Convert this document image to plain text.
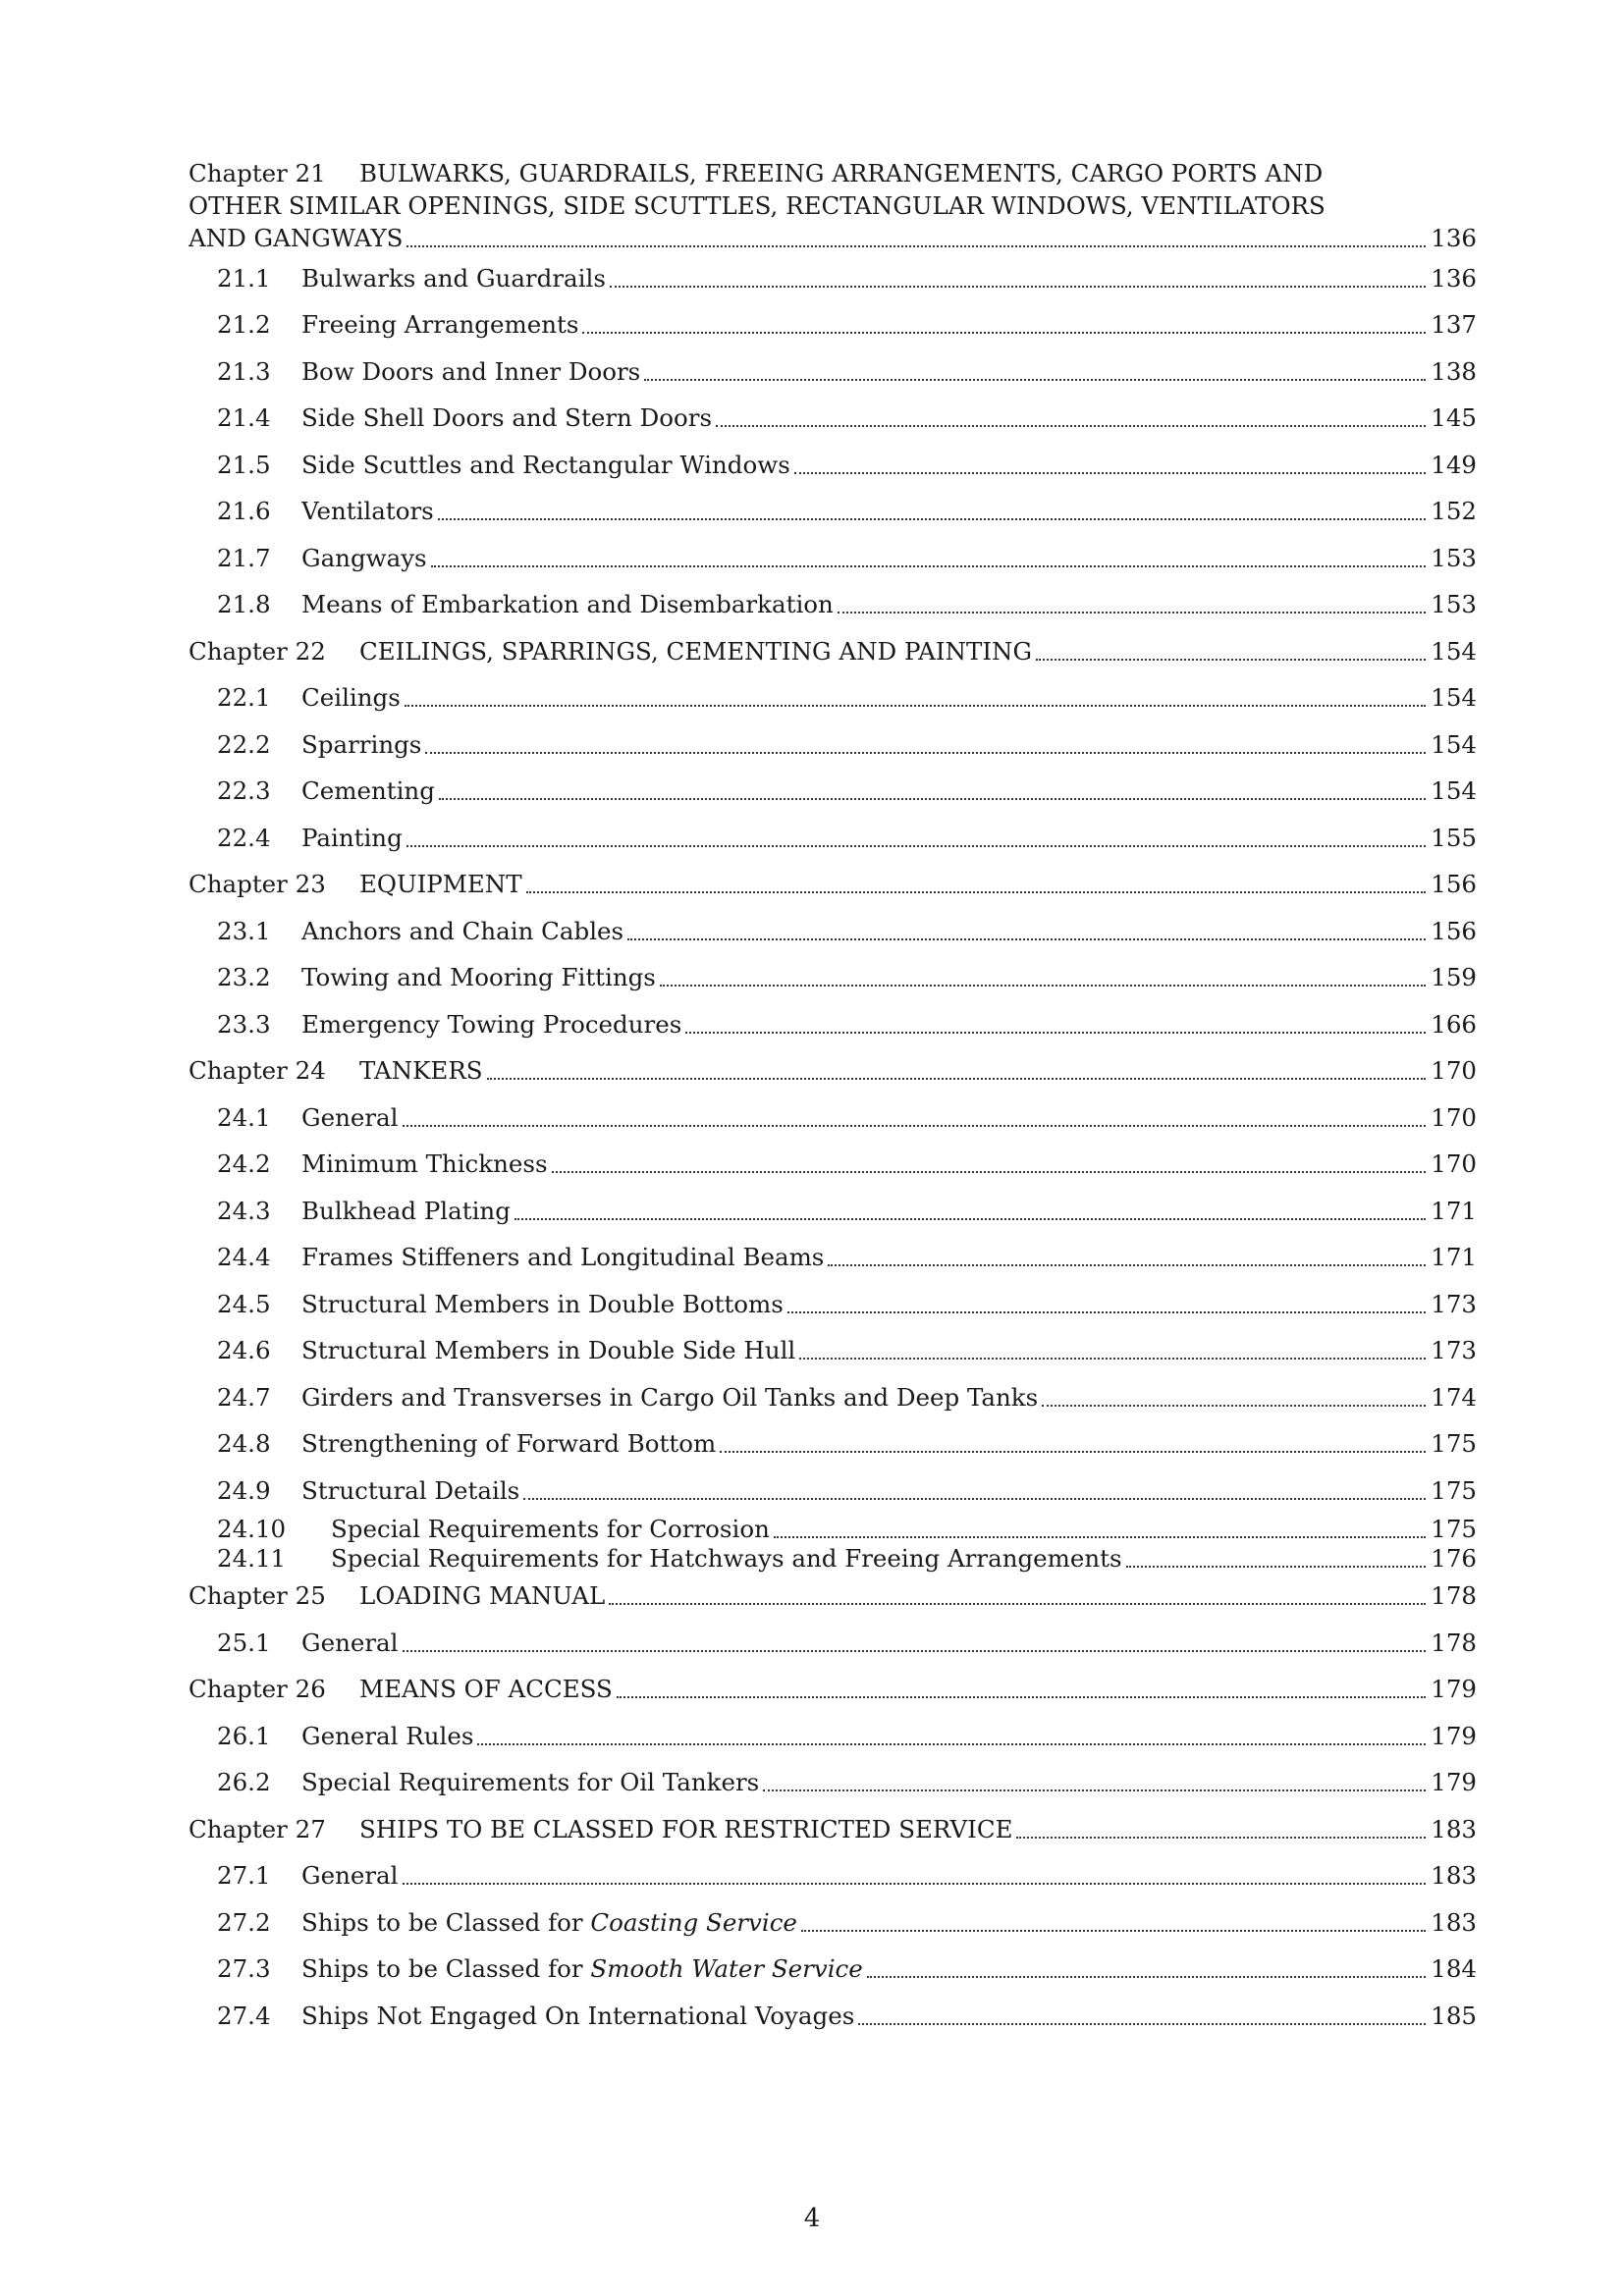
Chapter 21	BULWARKS, GUARDRAILS, FREEING ARRANGEMENTS, CARGO PORTS AND
OTHER SIMILAR OPENINGS, SIDE SCUTTLES, RECTANGULAR WINDOWS, VENTILATORS
AND GANGWAYS	136
21.1	Bulwarks and Guardrails	136
21.2	Freeing Arrangements	137
21.3	Bow Doors and Inner Doors	138
21.4	Side Shell Doors and Stern Doors	145
21.5	Side Scuttles and Rectangular Windows	149
21.6	Ventilators	152
21.7	Gangways	153
21.8	Means of Embarkation and Disembarkation	153
Chapter 22	CEILINGS, SPARRINGS, CEMENTING AND PAINTING	154
22.1	Ceilings	154
22.2	Sparrings	154
22.3	Cementing	154
22.4	Painting	155
Chapter 23	EQUIPMENT	156
23.1	Anchors and Chain Cables	156
23.2	Towing and Mooring Fittings	159
23.3	Emergency Towing Procedures	166
Chapter 24	TANKERS	170
24.1	General	170
24.2	Minimum Thickness	170
24.3	Bulkhead Plating	171
24.4	Frames Stiffeners and Longitudinal Beams	171
24.5	Structural Members in Double Bottoms	173
24.6	Structural Members in Double Side Hull	173
24.7	Girders and Transverses in Cargo Oil Tanks and Deep Tanks	174
24.8	Strengthening of Forward Bottom	175
24.9	Structural Details	175
24.10	Special Requirements for Corrosion	175
24.11	Special Requirements for Hatchways and Freeing Arrangements	176
Chapter 25	LOADING MANUAL	178
25.1	General	178
Chapter 26	MEANS OF ACCESS	179
26.1	General Rules	179
26.2	Special Requirements for Oil Tankers	179
Chapter 27	SHIPS TO BE CLASSED FOR RESTRICTED SERVICE	183
27.1	General	183
27.2	Ships to be Classed for Coasting Service	183
27.3	Ships to be Classed for Smooth Water Service	184
27.4	Ships Not Engaged On International Voyages	185
4
